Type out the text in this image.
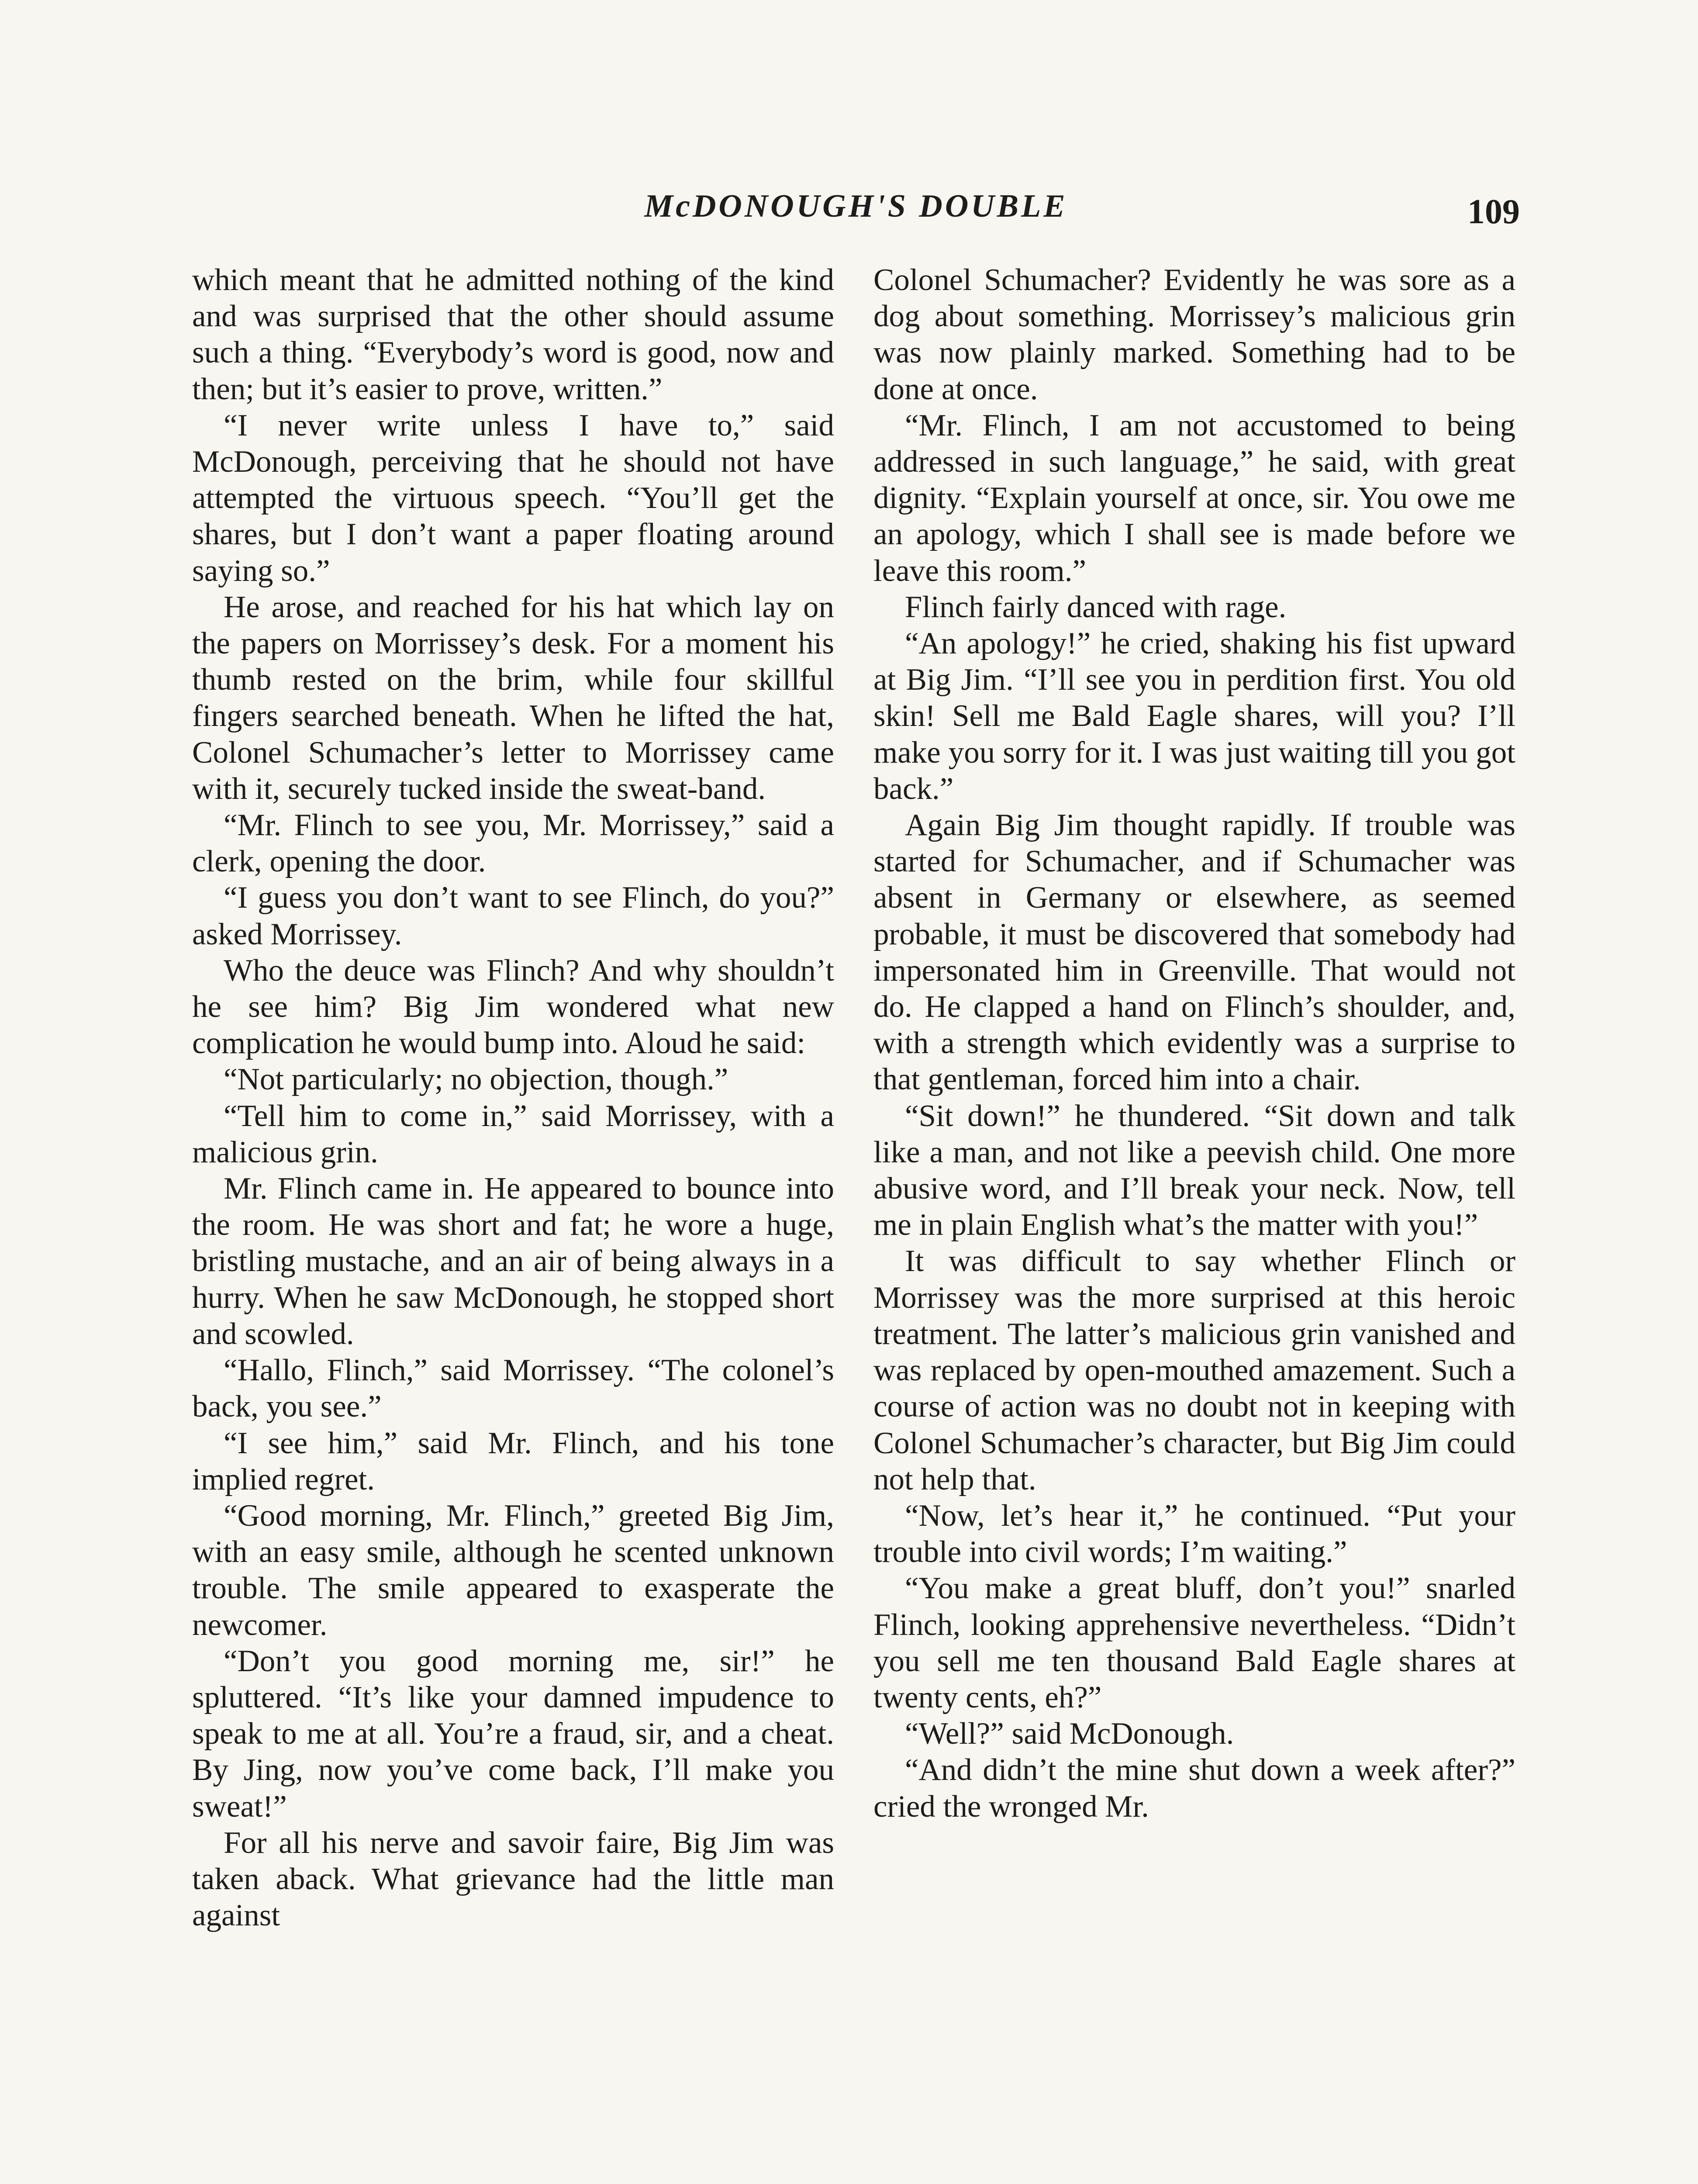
McDONOUGH'S DOUBLE	109

which meant that he admitted nothing of the kind and was surprised that the other should assume such a thing. “Everybody’s word is good, now and then; but it’s easier to prove, written.”

“I never write unless I have to,” said McDonough, perceiving that he should not have attempted the virtuous speech. “You’ll get the shares, but I don’t want a paper floating around saying so.”

He arose, and reached for his hat which lay on the papers on Morrissey’s desk. For a moment his thumb rested on the brim, while four skillful fingers searched beneath. When he lifted the hat, Colonel Schumacher’s letter to Morrissey came with it, securely tucked inside the sweat-band.

“Mr. Flinch to see you, Mr. Morrissey,” said a clerk, opening the door.

“I guess you don’t want to see Flinch, do you?” asked Morrissey.

Who the deuce was Flinch? And why shouldn’t he see him? Big Jim wondered what new complication he would bump into. Aloud he said:

“Not particularly; no objection, though.”

“Tell him to come in,” said Morrissey, with a malicious grin.

Mr. Flinch came in. He appeared to bounce into the room. He was short and fat; he wore a huge, bristling mustache, and an air of being always in a hurry. When he saw McDonough, he stopped short and scowled.

“Hallo, Flinch,” said Morrissey. “The colonel’s back, you see.”

“I see him,” said Mr. Flinch, and his tone implied regret.

“Good morning, Mr. Flinch,” greeted Big Jim, with an easy smile, although he scented unknown trouble. The smile appeared to exasperate the newcomer.

“Don’t you good morning me, sir!” he spluttered. “It’s like your damned impudence to speak to me at all. You’re a fraud, sir, and a cheat. By Jing, now you’ve come back, I’ll make you sweat!”

For all his nerve and savoir faire, Big Jim was taken aback. What grievance had the little man against

Colonel Schumacher? Evidently he was sore as a dog about something. Morrissey’s malicious grin was now plainly marked. Something had to be done at once.

“Mr. Flinch, I am not accustomed to being addressed in such language,” he said, with great dignity. “Explain yourself at once, sir. You owe me an apology, which I shall see is made before we leave this room.”

Flinch fairly danced with rage.

“An apology!” he cried, shaking his fist upward at Big Jim. “I’ll see you in perdition first. You old skin! Sell me Bald Eagle shares, will you? I’ll make you sorry for it. I was just waiting till you got back.”

Again Big Jim thought rapidly. If trouble was started for Schumacher, and if Schumacher was absent in Germany or elsewhere, as seemed probable, it must be discovered that somebody had impersonated him in Greenville. That would not do. He clapped a hand on Flinch’s shoulder, and, with a strength which evidently was a surprise to that gentleman, forced him into a chair.

“Sit down!” he thundered. “Sit down and talk like a man, and not like a peevish child. One more abusive word, and I’ll break your neck. Now, tell me in plain English what’s the matter with you!”

It was difficult to say whether Flinch or Morrissey was the more surprised at this heroic treatment. The latter’s malicious grin vanished and was replaced by open-mouthed amazement. Such a course of action was no doubt not in keeping with Colonel Schumacher’s character, but Big Jim could not help that.

“Now, let’s hear it,” he continued. “Put your trouble into civil words; I’m waiting.”

“You make a great bluff, don’t you!” snarled Flinch, looking apprehensive nevertheless. “Didn’t you sell me ten thousand Bald Eagle shares at twenty cents, eh?”

“Well?” said McDonough.

“And didn’t the mine shut down a week after?” cried the wronged Mr.
